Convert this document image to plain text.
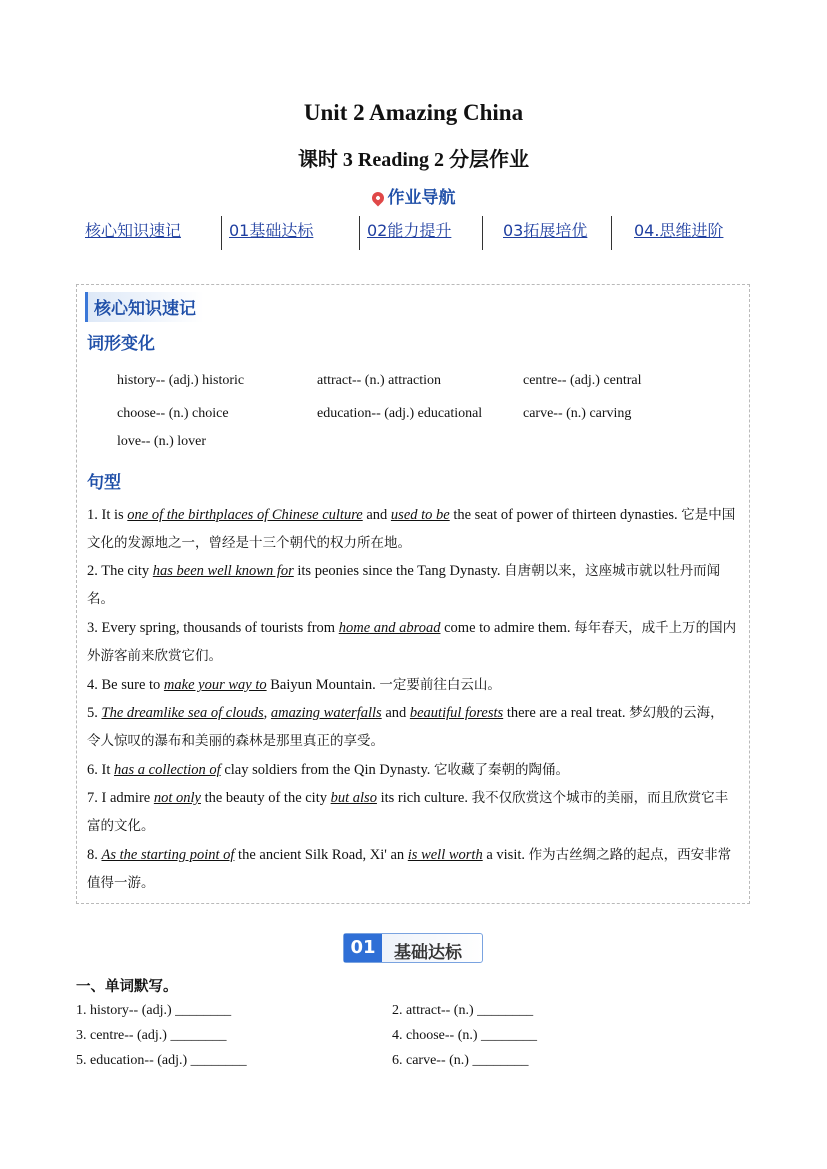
Unit 2 Amazing China
课时 3 Reading 2 分层作业
作业导航
核心知识速记	01基础达标	02能力提升	03拓展培优	04.思维进阶
核心知识速记
词形变化
history-- (adj.) historic	attract-- (n.) attraction	centre-- (adj.) central
choose-- (n.) choice	education-- (adj.) educational	carve-- (n.) carving
love-- (n.) lover
句型
1. It is one of the birthplaces of Chinese culture and used to be the seat of power of thirteen dynasties. 它是中国文化的发源地之一，曾经是十三个朝代的权力所在地。
2. The city has been well known for its peonies since the Tang Dynasty. 自唐朝以来，这座城市就以牡丹而闻名。
3. Every spring, thousands of tourists from home and abroad come to admire them. 每年春天，成千上万的国内外游客前来欣赏它们。
4. Be sure to make your way to Baiyun Mountain. 一定要前往白云山。
5. The dreamlike sea of clouds, amazing waterfalls and beautiful forests there are a real treat. 梦幻般的云海，令人惊叹的瀑布和美丽的森林是那里真正的享受。
6. It has a collection of clay soldiers from the Qin Dynasty. 它收藏了秦朝的陶俑。
7. I admire not only the beauty of the city but also its rich culture. 我不仅欣赏这个城市的美丽，而且欣赏它丰富的文化。
8. As the starting point of the ancient Silk Road, Xi' an is well worth a visit. 作为古丝绸之路的起点，西安非常值得一游。
01	基础达标
一、单词默写。
1. history-- (adj.) ________	2. attract-- (n.) ________
3. centre-- (adj.) ________	4. choose-- (n.) ________
5. education-- (adj.) ________	6. carve-- (n.) ________
